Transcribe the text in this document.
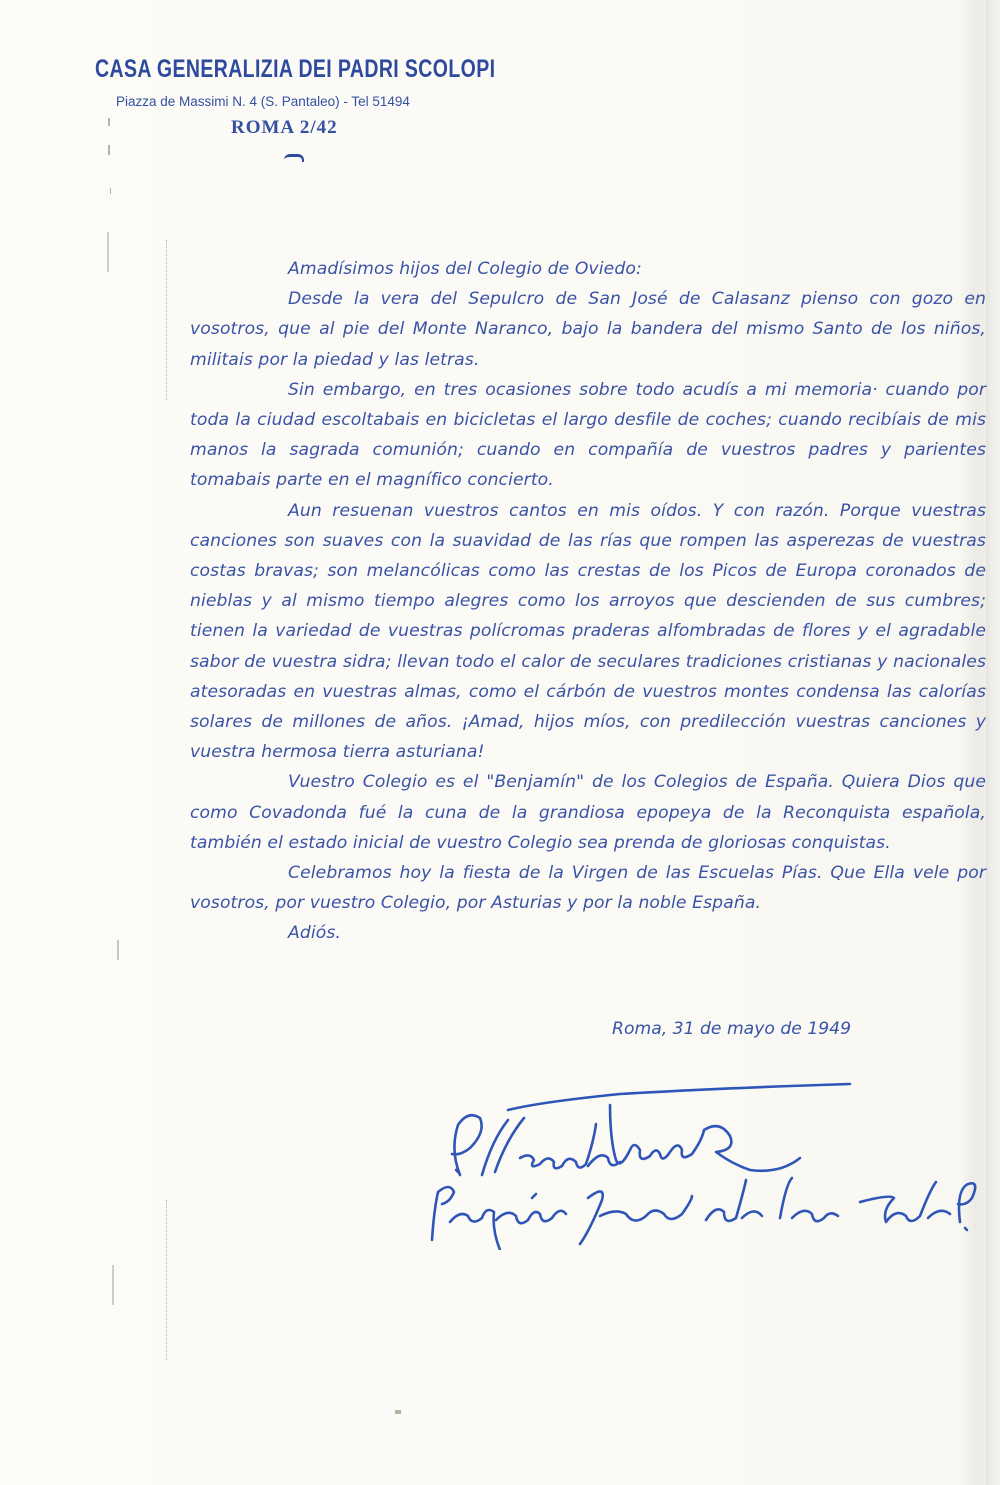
CASA GENERALIZIA DEI PADRI SCOLOPI
Piazza de Massimi N. 4 (S. Pantaleo) - Tel 51494
ROMA 2/42

Amadísimos hijos del Colegio de Oviedo:

Desde la vera del Sepulcro de San José de Calasanz pienso con gozo en vosotros, que al pie del Monte Naranco, bajo la bandera del mismo Santo de los niños, militais por la piedad y las letras.

Sin embargo, en tres ocasiones sobre todo acudís a mi memoria· cuando por toda la ciudad escoltabais en bicicletas el largo desfile de coches; cuando recibíais de mis manos la sagrada comunión; cuando en compañía de vuestros padres y parientes tomabais parte en el magnífico concierto.

Aun resuenan vuestros cantos en mis oídos. Y con razón. Porque vuestras canciones son suaves con la suavidad de las rías que rompen las asperezas de vuestras costas bravas; son melancólicas como las crestas de los Picos de Europa coronados de nieblas y al mismo tiempo alegres como los arroyos que descienden de sus cumbres; tienen la variedad de vuestras polícromas praderas alfombradas de flores y el agradable sabor de vuestra sidra; llevan todo el calor de seculares tradiciones cristianas y nacionales atesoradas en vuestras almas, como el cárbón de vuestros montes condensa las calorías solares de millones de años. ¡Amad, hijos míos, con predilección vuestras canciones y vuestra hermosa tierra asturiana!

Vuestro Colegio es el "Benjamín" de los Colegios de España. Quiera Dios que como Covadonda fué la cuna de la grandiosa epopeya de la Reconquista española, también el estado inicial de vuestro Colegio sea prenda de gloriosas conquistas.

Celebramos hoy la fiesta de la Virgen de las Escuelas Pías. Que Ella vele por vosotros, por vuestro Colegio, por Asturias y por la noble España.

Adiós.

Roma, 31 de mayo de 1949
